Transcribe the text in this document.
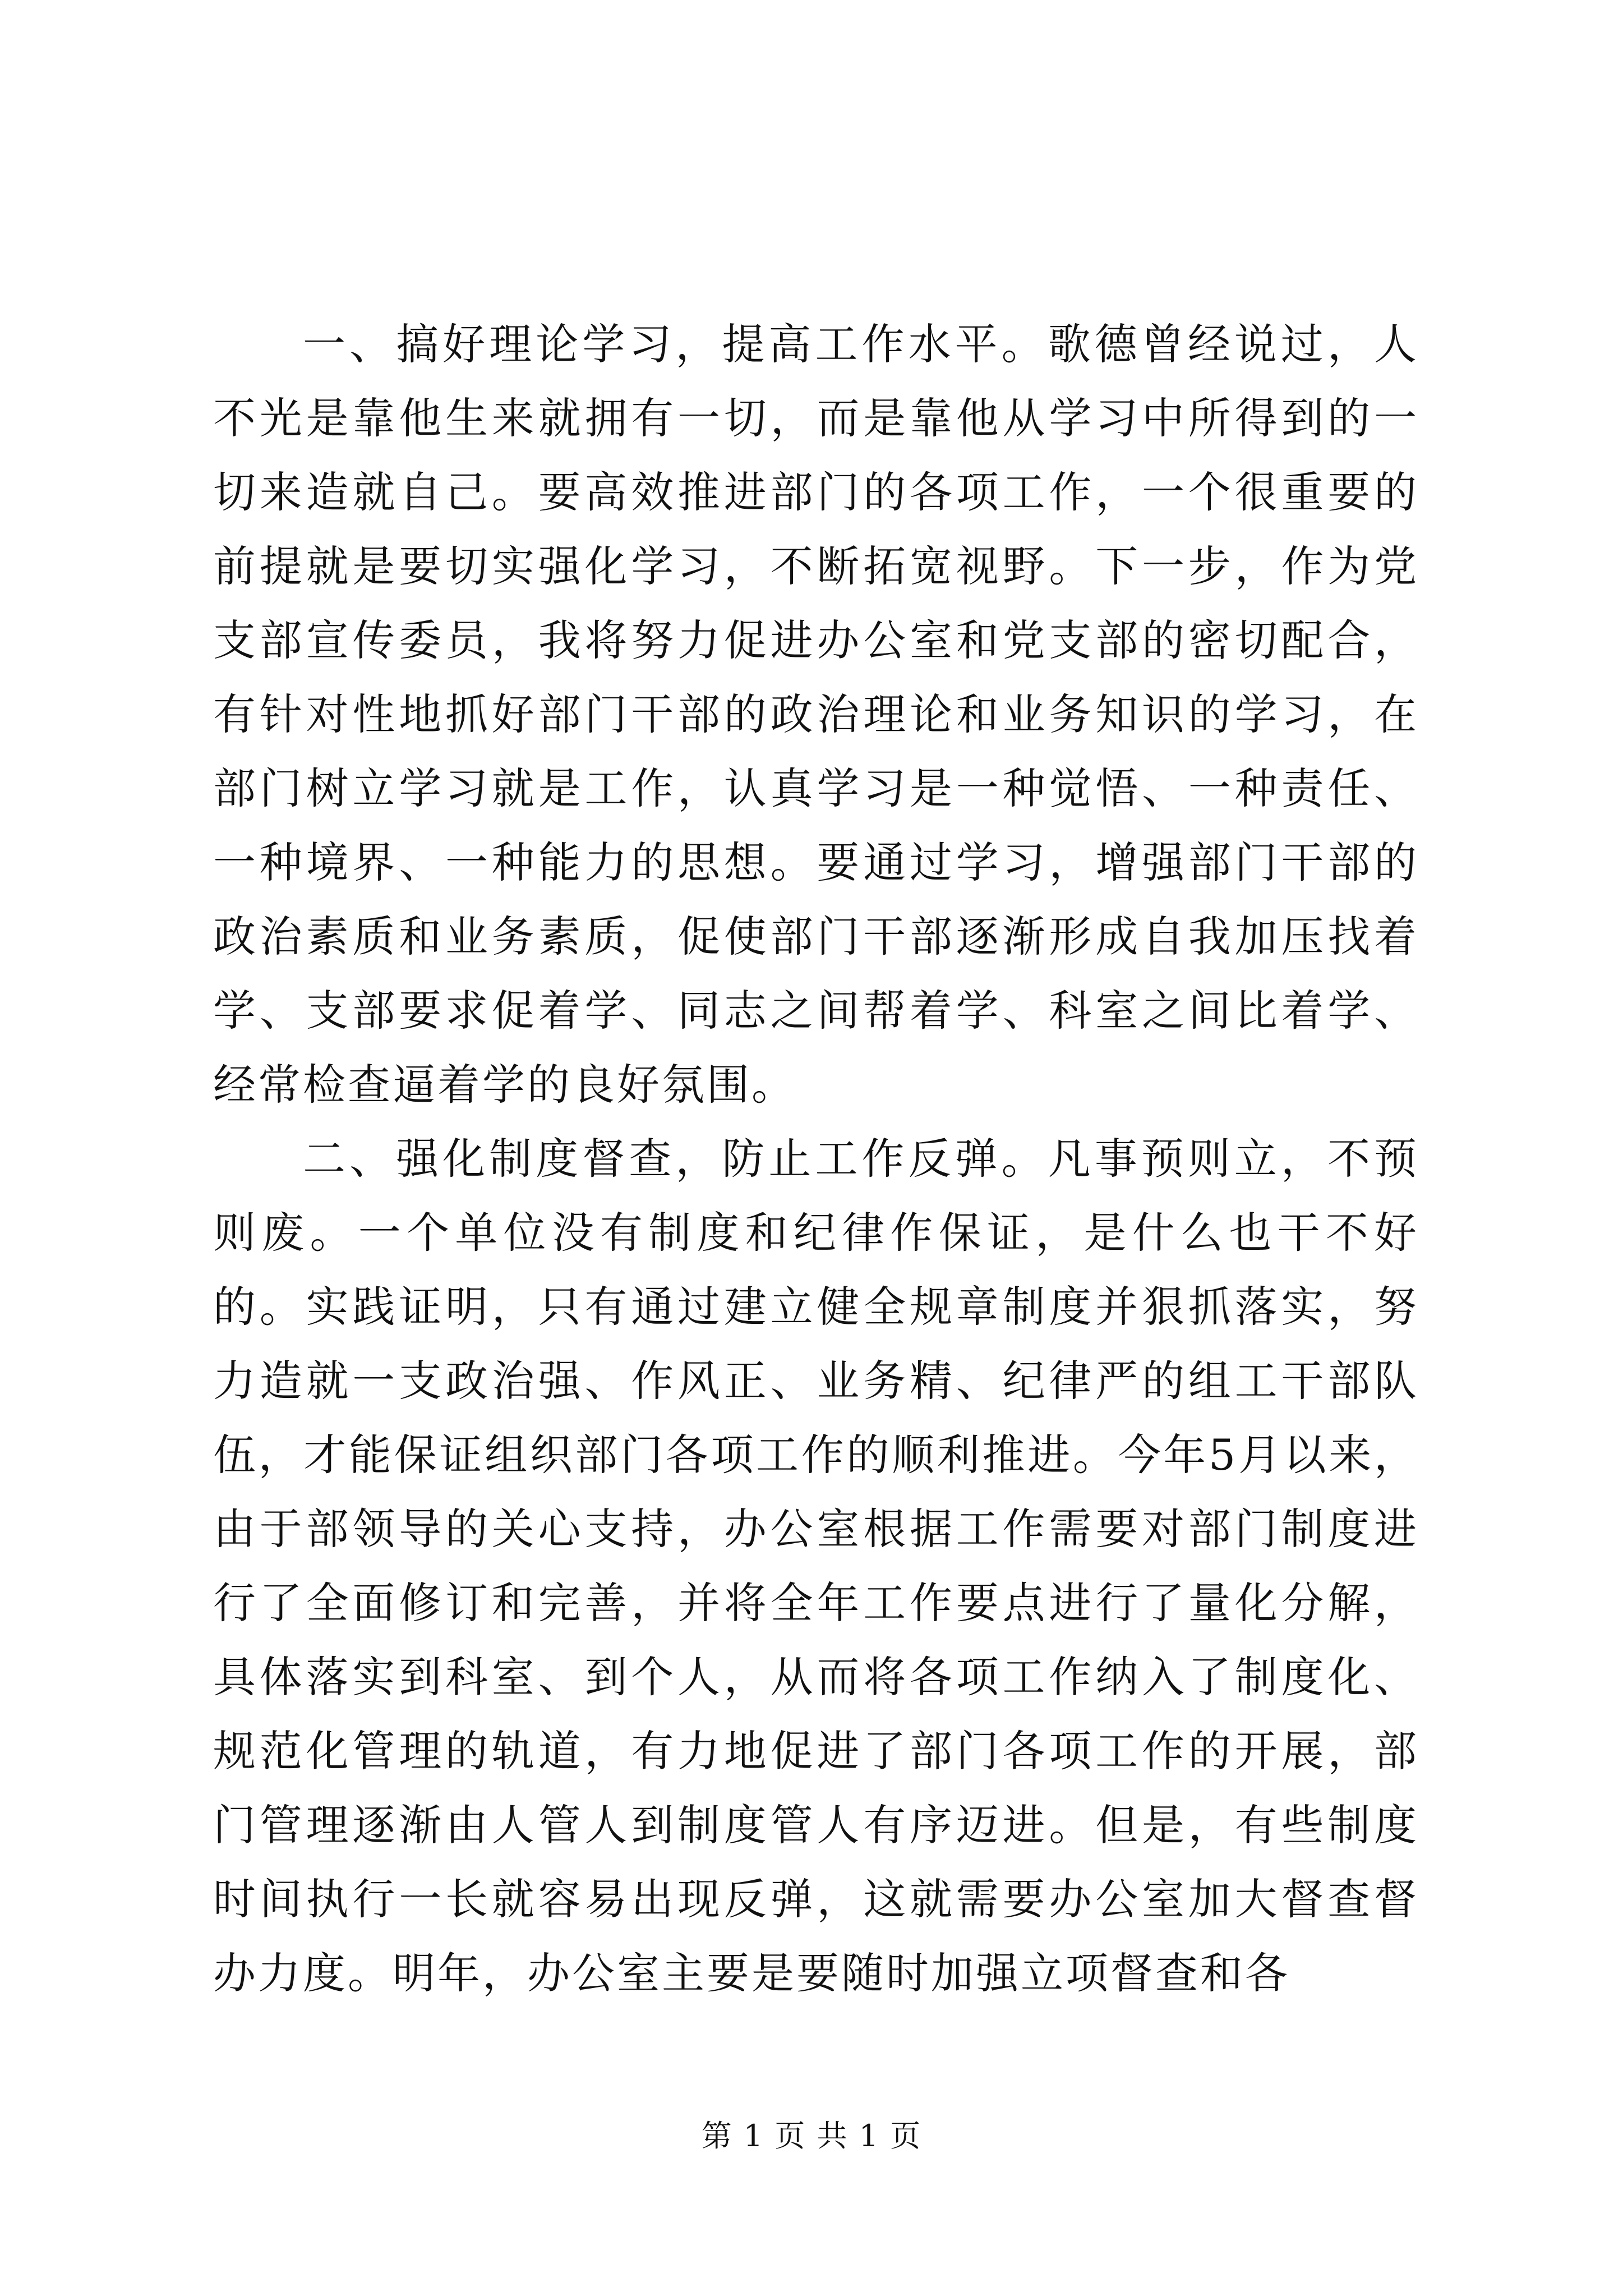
一、搞好理论学习，提高工作水平。歌德曾经说过，人不光是靠他生来就拥有一切，而是靠他从学习中所得到的一切来造就自己。要高效推进部门的各项工作，一个很重要的前提就是要切实强化学习，不断拓宽视野。下一步，作为党支部宣传委员，我将努力促进办公室和党支部的密切配合，有针对性地抓好部门干部的政治理论和业务知识的学习，在部门树立学习就是工作，认真学习是一种觉悟、一种责任、一种境界、一种能力的思想。要通过学习，增强部门干部的政治素质和业务素质，促使部门干部逐渐形成自我加压找着学、支部要求促着学、同志之间帮着学、科室之间比着学、经常检查逼着学的良好氛围。

二、强化制度督查，防止工作反弹。凡事预则立，不预则废。一个单位没有制度和纪律作保证，是什么也干不好的。实践证明，只有通过建立健全规章制度并狠抓落实，努力造就一支政治强、作风正、业务精、纪律严的组工干部队伍，才能保证组织部门各项工作的顺利推进。今年5月以来，由于部领导的关心支持，办公室根据工作需要对部门制度进行了全面修订和完善，并将全年工作要点进行了量化分解，具体落实到科室、到个人，从而将各项工作纳入了制度化、规范化管理的轨道，有力地促进了部门各项工作的开展，部门管理逐渐由人管人到制度管人有序迈进。但是，有些制度时间执行一长就容易出现反弹，这就需要办公室加大督查督办力度。明年，办公室主要是要随时加强立项督查和各

第 1 页 共 1 页
